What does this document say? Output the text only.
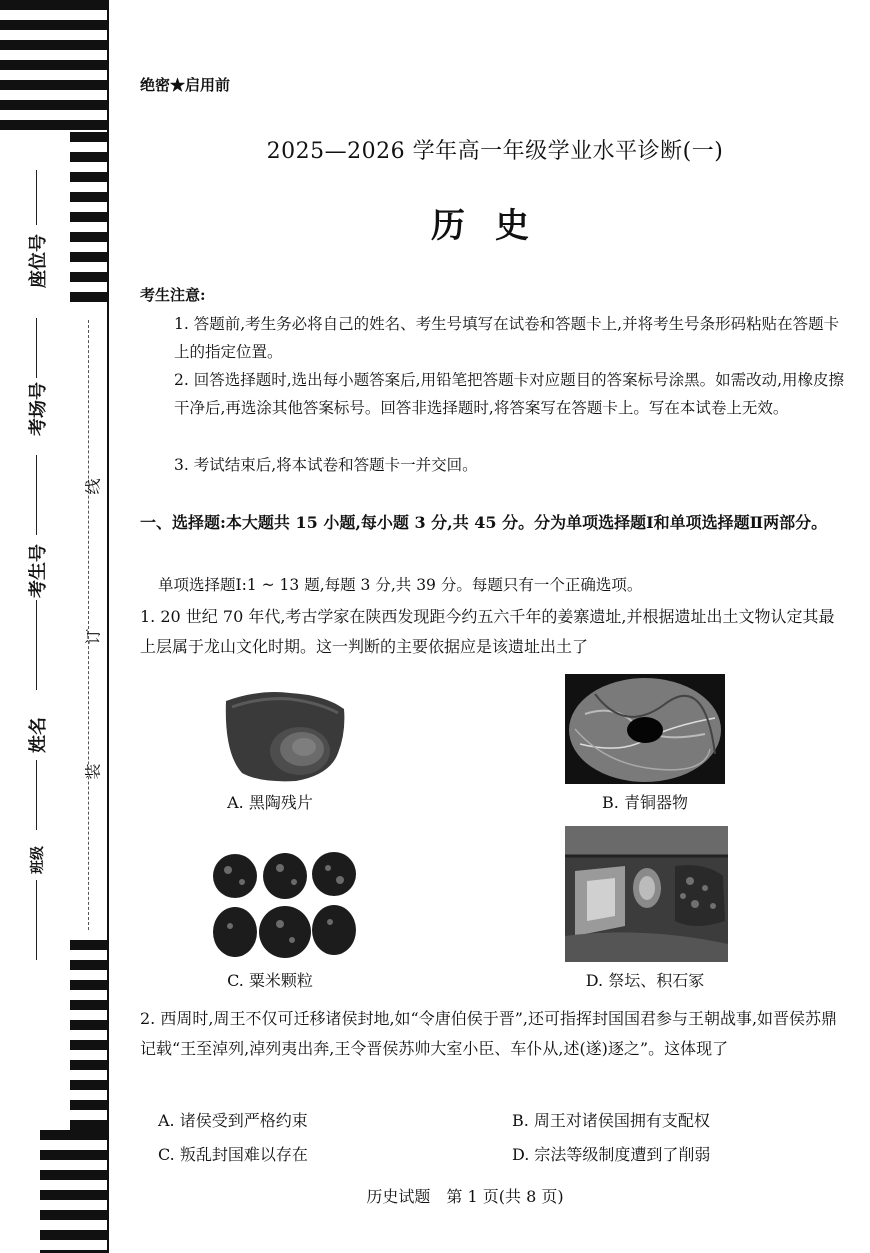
座位号
考场号
考生号
姓名
班级
线
订
装
绝密★启用前
2025—2026 学年高一年级学业水平诊断(一)
历史
考生注意:
1. 答题前,考生务必将自己的姓名、考生号填写在试卷和答题卡上,并将考生号条形码粘贴在答题卡上的指定位置。
2. 回答选择题时,选出每小题答案后,用铅笔把答题卡对应题目的答案标号涂黑。如需改动,用橡皮擦干净后,再选涂其他答案标号。回答非选择题时,将答案写在答题卡上。写在本试卷上无效。
3. 考试结束后,将本试卷和答题卡一并交回。
一、选择题:本大题共 15 小题,每小题 3 分,共 45 分。分为单项选择题Ⅰ和单项选择题Ⅱ两部分。
单项选择题Ⅰ:1 ~ 13 题,每题 3 分,共 39 分。每题只有一个正确选项。
1. 20 世纪 70 年代,考古学家在陕西发现距今约五六千年的姜寨遗址,并根据遗址出土文物认定其最上层属于龙山文化时期。这一判断的主要依据应是该遗址出土了
A. 黑陶残片	B. 青铜器物
C. 粟米颗粒	D. 祭坛、积石冢
2. 西周时,周王不仅可迁移诸侯封地,如“令唐伯侯于晋”,还可指挥封国国君参与王朝战事,如晋侯苏鼎记载“王至淖列,淖列夷出奔,王令晋侯苏帅大室小臣、车仆从,述(遂)逐之”。这体现了
A. 诸侯受到严格约束	B. 周王对诸侯国拥有支配权
C. 叛乱封国难以存在	D. 宗法等级制度遭到了削弱
历史试题　第 1 页(共 8 页)
